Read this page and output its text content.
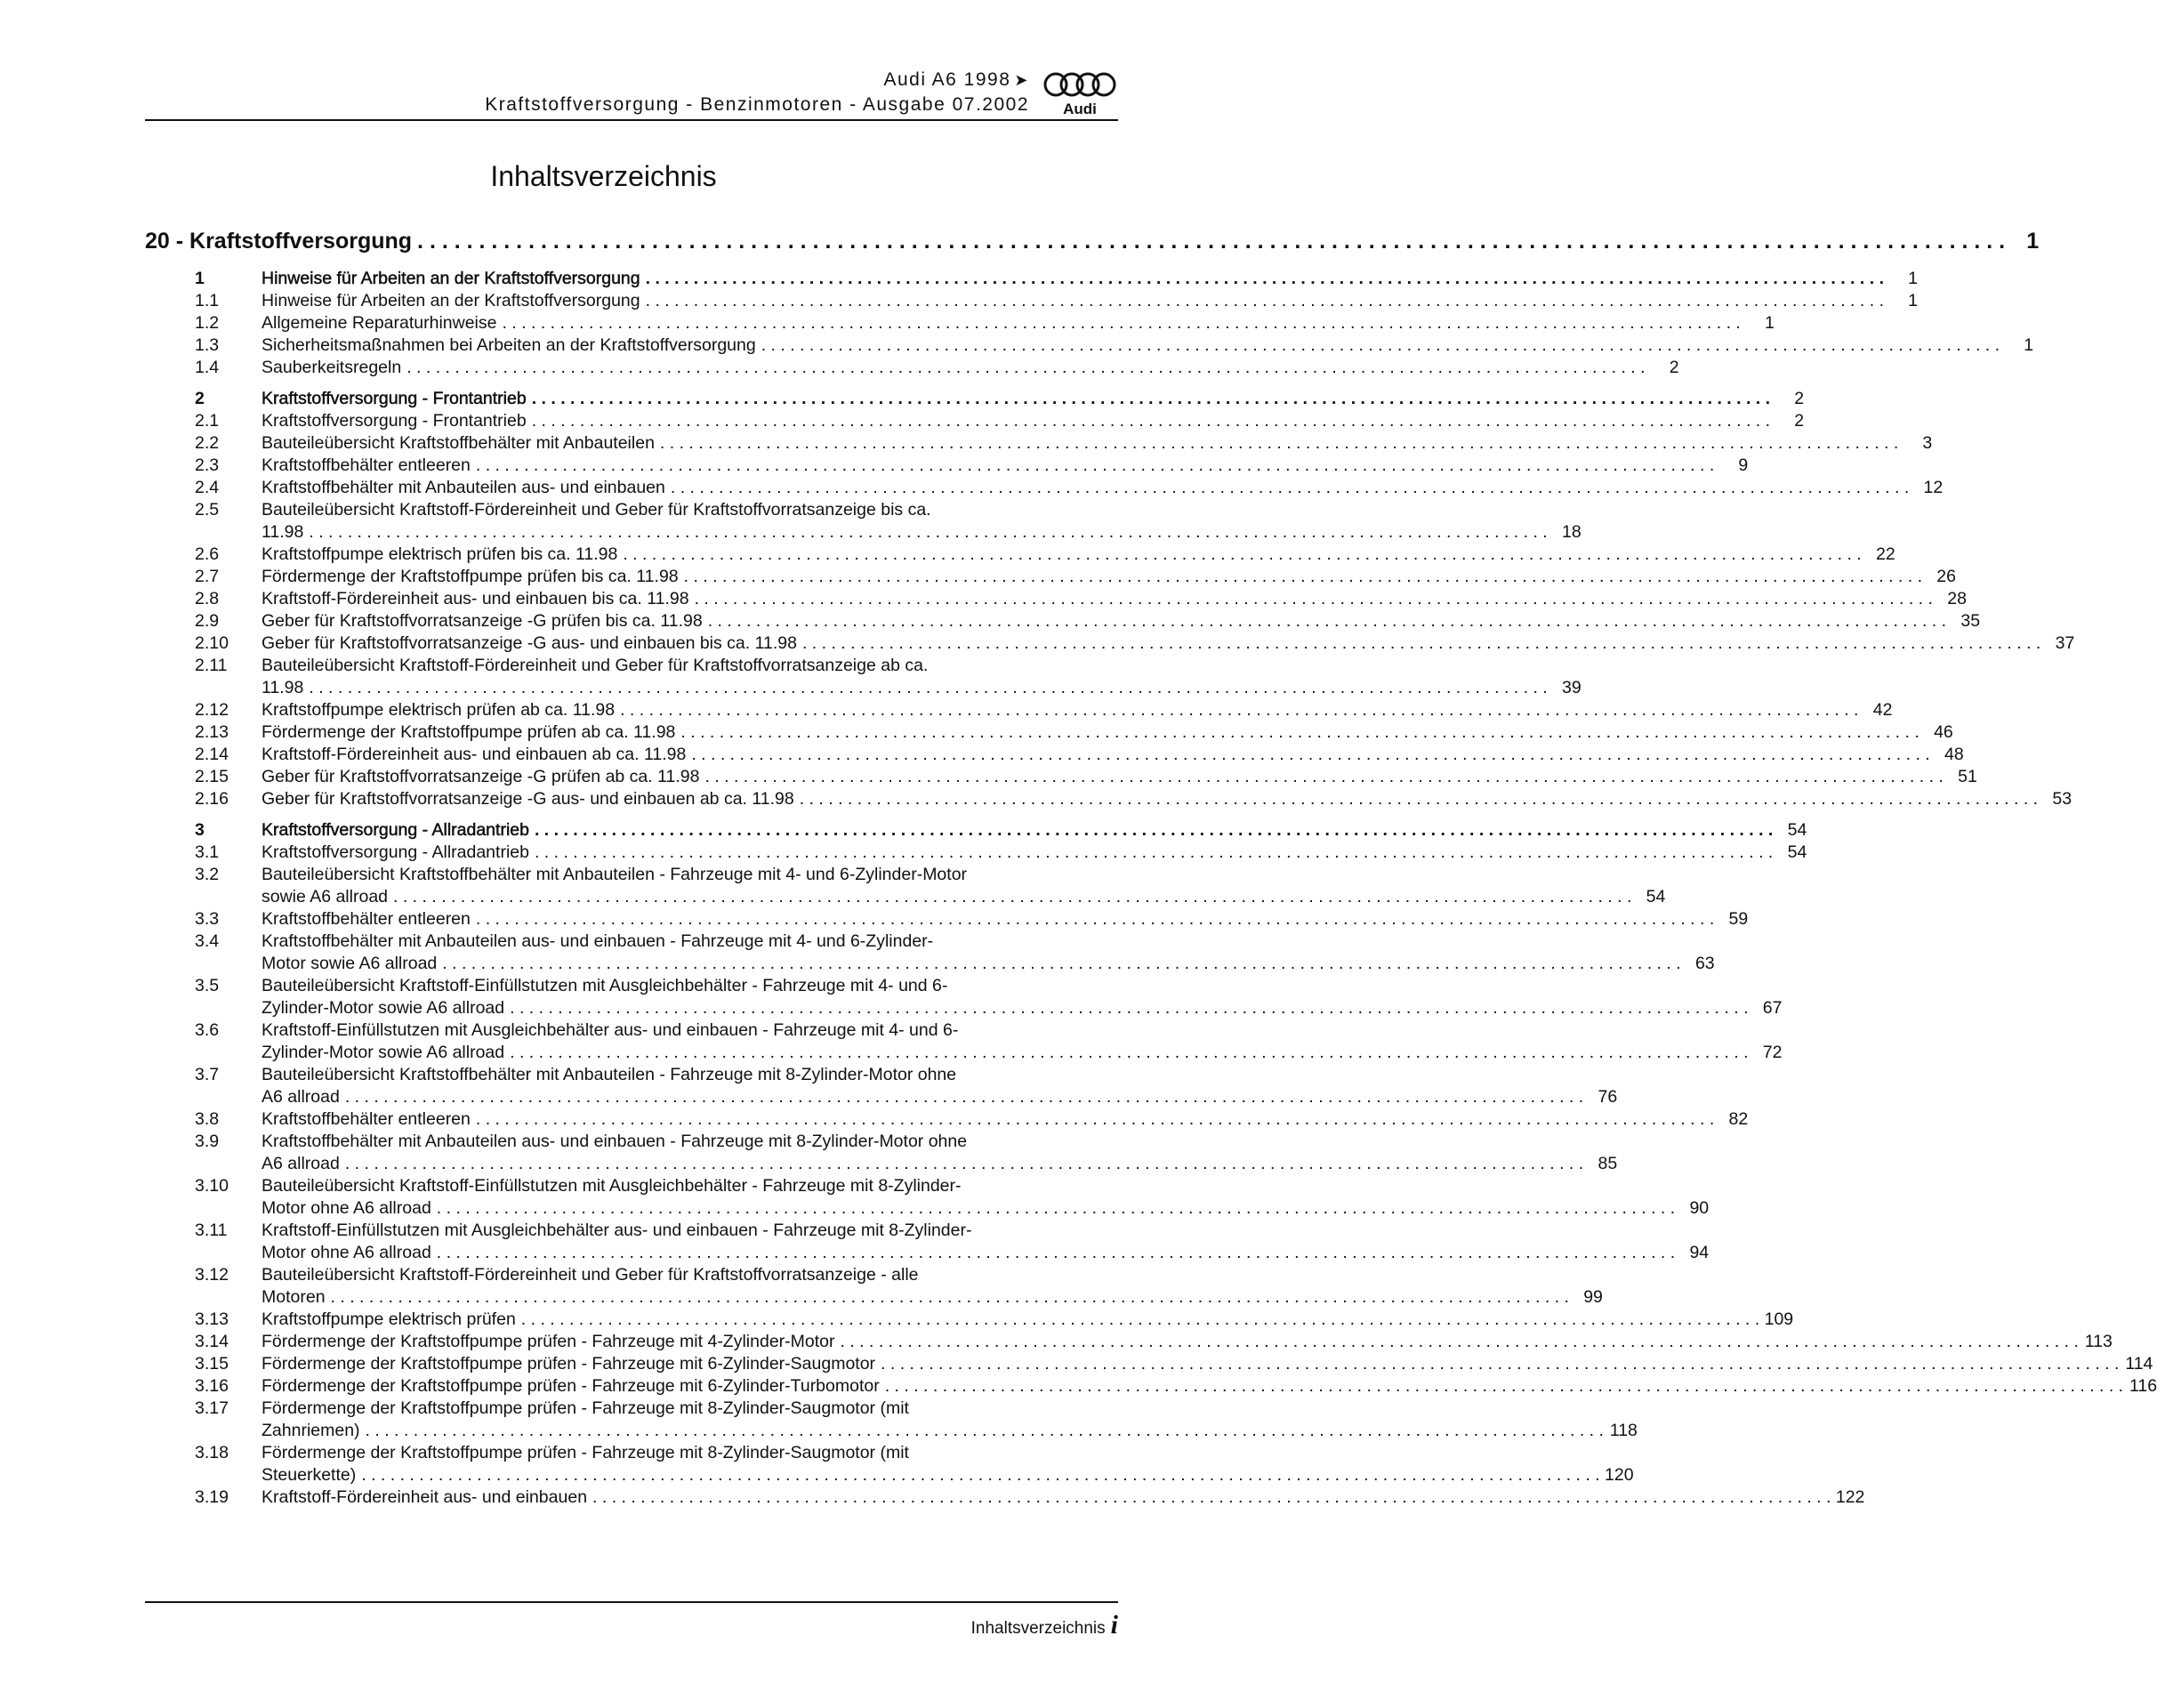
Audi A6 1998 ➤
Kraftstoffversorgung - Benzinmotoren - Ausgabe 07.2002 Audi
Inhaltsverzeichnis
20 - Kraftstoffversorgung . . .	1
1	Hinweise für Arbeiten an der Kraftstoffversorgung . . .	1
1.1	Hinweise für Arbeiten an der Kraftstoffversorgung . . .	1
1.2	Allgemeine Reparaturhinweise . . .	1
1.3	Sicherheitsmaßnahmen bei Arbeiten an der Kraftstoffversorgung . . .	1
1.4	Sauberkeitsregeln . . .	2
2	Kraftstoffversorgung - Frontantrieb . . .	2
2.1	Kraftstoffversorgung - Frontantrieb . . .	2
2.2	Bauteileübersicht Kraftstoffbehälter mit Anbauteilen . . .	3
2.3	Kraftstoffbehälter entleeren . . .	9
2.4	Kraftstoffbehälter mit Anbauteilen aus- und einbauen . . .	12
2.5	Bauteileübersicht Kraftstoff-Fördereinheit und Geber für Kraftstoffvorratsanzeige bis ca.
11.98 . . .	18
2.6	Kraftstoffpumpe elektrisch prüfen bis ca. 11.98 . . .	22
2.7	Fördermenge der Kraftstoffpumpe prüfen bis ca. 11.98 . . .	26
2.8	Kraftstoff-Fördereinheit aus- und einbauen bis ca. 11.98 . . .	28
2.9	Geber für Kraftstoffvorratsanzeige -G prüfen bis ca. 11.98 . . .	35
2.10	Geber für Kraftstoffvorratsanzeige -G aus- und einbauen bis ca. 11.98 . . .	37
2.11	Bauteileübersicht Kraftstoff-Fördereinheit und Geber für Kraftstoffvorratsanzeige ab ca.
11.98 . . .	39
2.12	Kraftstoffpumpe elektrisch prüfen ab ca. 11.98 . . .	42
2.13	Fördermenge der Kraftstoffpumpe prüfen ab ca. 11.98 . . .	46
2.14	Kraftstoff-Fördereinheit aus- und einbauen ab ca. 11.98 . . .	48
2.15	Geber für Kraftstoffvorratsanzeige -G prüfen ab ca. 11.98 . . .	51
2.16	Geber für Kraftstoffvorratsanzeige -G aus- und einbauen ab ca. 11.98 . . .	53
3	Kraftstoffversorgung - Allradantrieb . . .	54
3.1	Kraftstoffversorgung - Allradantrieb . . .	54
3.2	Bauteileübersicht Kraftstoffbehälter mit Anbauteilen - Fahrzeuge mit 4- und 6-Zylinder-Motor
sowie A6 allroad . . .	54
3.3	Kraftstoffbehälter entleeren . . .	59
3.4	Kraftstoffbehälter mit Anbauteilen aus- und einbauen - Fahrzeuge mit 4- und 6-Zylinder-
Motor sowie A6 allroad . . .	63
3.5	Bauteileübersicht Kraftstoff-Einfüllstutzen mit Ausgleichbehälter - Fahrzeuge mit 4- und 6-
Zylinder-Motor sowie A6 allroad . . .	67
3.6	Kraftstoff-Einfüllstutzen mit Ausgleichbehälter aus- und einbauen - Fahrzeuge mit 4- und 6-
Zylinder-Motor sowie A6 allroad . . .	72
3.7	Bauteileübersicht Kraftstoffbehälter mit Anbauteilen - Fahrzeuge mit 8-Zylinder-Motor ohne
A6 allroad . . .	76
3.8	Kraftstoffbehälter entleeren . . .	82
3.9	Kraftstoffbehälter mit Anbauteilen aus- und einbauen - Fahrzeuge mit 8-Zylinder-Motor ohne
A6 allroad . . .	85
3.10	Bauteileübersicht Kraftstoff-Einfüllstutzen mit Ausgleichbehälter - Fahrzeuge mit 8-Zylinder-
Motor ohne A6 allroad . . .	90
3.11	Kraftstoff-Einfüllstutzen mit Ausgleichbehälter aus- und einbauen - Fahrzeuge mit 8-Zylinder-
Motor ohne A6 allroad . . .	94
3.12	Bauteileübersicht Kraftstoff-Fördereinheit und Geber für Kraftstoffvorratsanzeige - alle
Motoren . . .	99
3.13	Kraftstoffpumpe elektrisch prüfen . . .	109
3.14	Fördermenge der Kraftstoffpumpe prüfen - Fahrzeuge mit 4-Zylinder-Motor . . .	113
3.15	Fördermenge der Kraftstoffpumpe prüfen - Fahrzeuge mit 6-Zylinder-Saugmotor . . .	114
3.16	Fördermenge der Kraftstoffpumpe prüfen - Fahrzeuge mit 6-Zylinder-Turbomotor . . .	116
3.17	Fördermenge der Kraftstoffpumpe prüfen - Fahrzeuge mit 8-Zylinder-Saugmotor (mit
Zahnriemen) . . .	118
3.18	Fördermenge der Kraftstoffpumpe prüfen - Fahrzeuge mit 8-Zylinder-Saugmotor (mit
Steuerkette) . . .	120
3.19	Kraftstoff-Fördereinheit aus- und einbauen . . .	122
Inhaltsverzeichnis i
